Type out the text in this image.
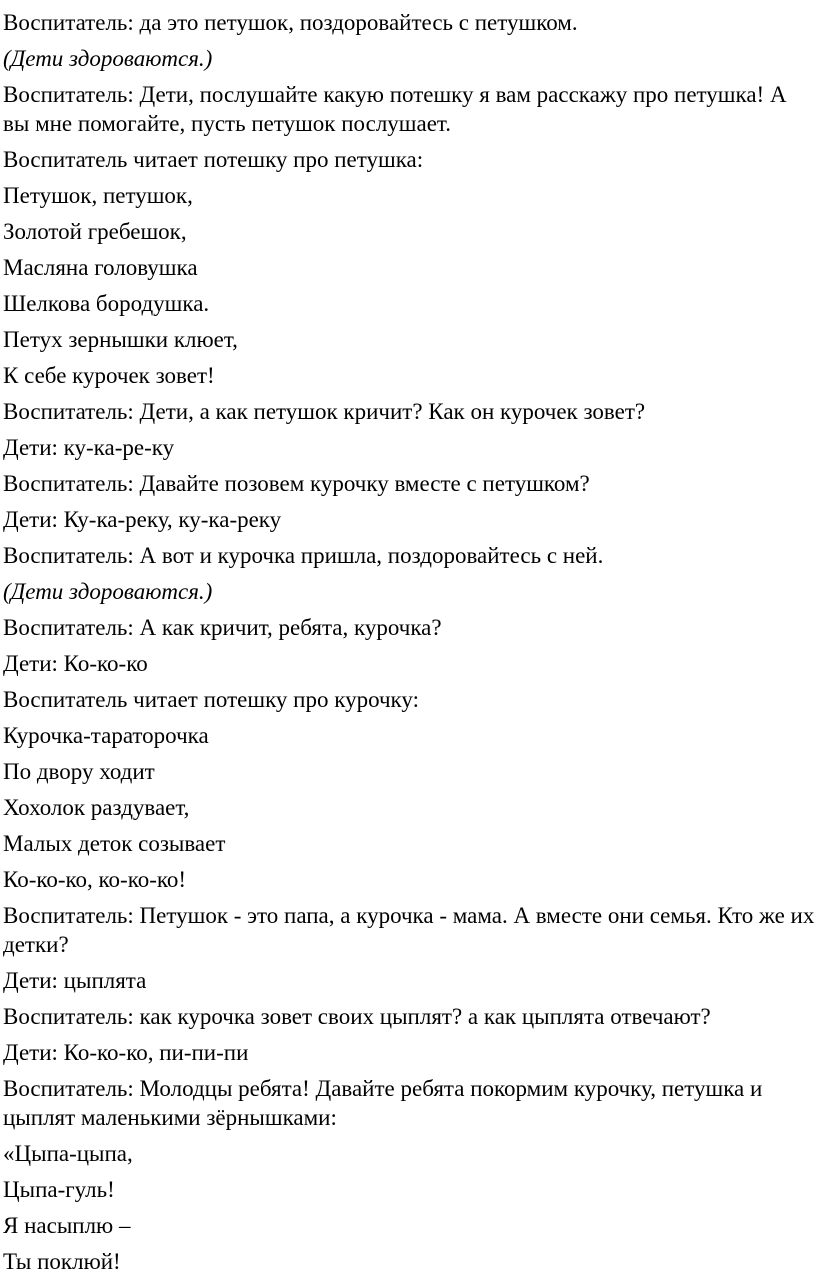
Воспитатель: да это петушок, поздоровайтесь с петушком.

(Дети здороваются.)

Воспитатель: Дети, послушайте какую потешку я вам расскажу про петушка! А вы мне помогайте, пусть петушок послушает.

Воспитатель читает потешку про петушка:

Петушок, петушок,

Золотой гребешок,

Масляна головушка

Шелкова бородушка.

Петух зернышки клюет,

К себе курочек зовет!

Воспитатель: Дети, а как петушок кричит? Как он курочек зовет?

Дети: ку-ка-ре-ку

Воспитатель: Давайте позовем курочку вместе с петушком?

Дети: Ку-ка-реку, ку-ка-реку

Воспитатель: А вот и курочка пришла, поздоровайтесь с ней.

(Дети здороваются.)

Воспитатель: А как кричит, ребята, курочка?

Дети: Ко-ко-ко

Воспитатель читает потешку про курочку:

Курочка-тараторочка

По двору ходит

Хохолок раздувает,

Малых деток созывает

Ко-ко-ко, ко-ко-ко!

Воспитатель: Петушок - это папа, а курочка - мама. А вместе они семья. Кто же их детки?

Дети: цыплята

Воспитатель: как курочка зовет своих цыплят? а как цыплята отвечают?

Дети: Ко-ко-ко, пи-пи-пи

Воспитатель: Молодцы ребята! Давайте ребята покормим курочку, петушка и цыплят маленькими зёрнышками:

«Цыпа-цыпа,

Цыпа-гуль!

Я насыплю –

Ты поклюй!
